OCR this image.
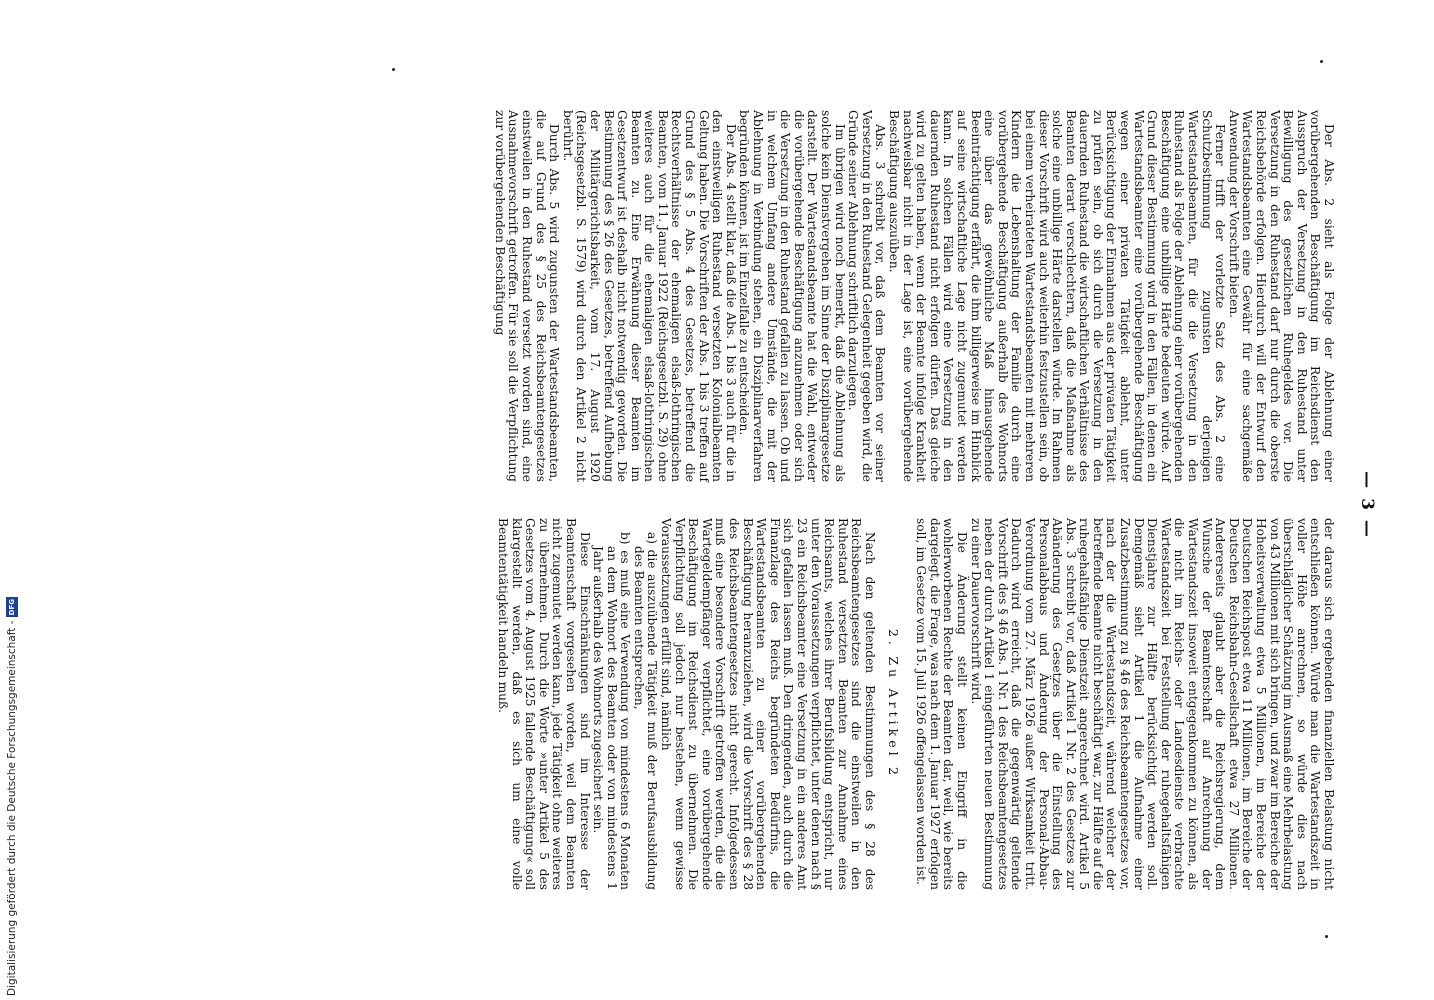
Digitalisierung gefördert durch die Deutsche Forschungsgemeinschaft - DFG
— 3 —

Der Abs. 2 sieht als Folge der Ablehnung einer vorübergehenden Beschäftigung im Reichsdienst den Ausspruch der Versetzung in den Ruhestand unter Bewilligung des gesetzlichen Ruhegeldes vor. Die Versetzung in den Ruhestand darf nur durch die oberste Reichsbehörde erfolgen. Hierdurch will der Entwurf den Wartestandsbeamten eine Gewähr für eine sachgemäße Anwendung der Vorschrift bieten.

Ferner trifft der vorletzte Satz des Abs. 2 eine Schutzbestimmung zugunsten derjenigen Wartestandsbeamten, für die die Versetzung in den Ruhestand als Folge der Ablehnung einer vorübergehenden Beschäftigung eine unbillige Härte bedeuten würde. Auf Grund dieser Bestimmung wird in den Fällen, in denen ein Wartestandsbeamter eine vorübergehende Beschäftigung wegen einer privaten Tätigkeit ablehnt, unter Berücksichtigung der Einnahmen aus der privaten Tätigkeit zu prüfen sein, ob sich durch die Versetzung in den dauernden Ruhestand die wirtschaftlichen Verhältnisse des Beamten derart verschlechtern, daß die Maßnahme als solche eine unbillige Härte darstellen würde. Im Rahmen dieser Vorschrift wird auch weiterhin festzustellen sein, ob bei einem verheirateten Wartestandsbeamten mit mehreren Kindern die Lebenshaltung der Familie durch eine vorübergehende Beschäftigung außerhalb des Wohnorts eine über das gewöhnliche Maß hinausgehende Beeinträchtigung erfährt, die ihm billigerweise im Hinblick auf seine wirtschaftliche Lage nicht zugemutet werden kann. In solchen Fällen wird eine Versetzung in den dauernden Ruhestand nicht erfolgen dürfen. Das gleiche wird zu gelten haben, wenn der Beamte infolge Krankheit nachweisbar nicht in der Lage ist, eine vorübergehende Beschäftigung auszuüben.

Abs. 3 schreibt vor, daß dem Beamten vor seiner Versetzung in den Ruhestand Gelegenheit gegeben wird, die Gründe seiner Ablehnung schriftlich darzulegen.

Im übrigen wird noch bemerkt, daß die Ablehnung als solche kein Dienstvergehen im Sinne der Disziplinargesetze darstellt. Der Wartestandsbeamte hat die Wahl, entweder die vorübergehende Beschäftigung anzunehmen oder sich die Versetzung in den Ruhestand gefallen zu lassen. Ob und in welchem Umfang andere Umstände, die mit der Ablehnung in Verbindung stehen, ein Disziplinarverfahren begründen können, ist im Einzelfalle zu entscheiden.

Der Abs. 4 stellt klar, daß die Abs. 1 bis 3 auch für die in den einstweiligen Ruhestand versetzten Kolonialbeamten Geltung haben. Die Vorschriften der Abs. 1 bis 3 treffen auf Grund des § 5 Abs. 4 des Gesetzes, betreffend die Rechtsverhältnisse der ehemaligen elsaß-lothringischen Beamten, vom 11. Januar 1922 (Reichsgesetzbl. S. 29) ohne weiteres auch für die ehemaligen elsaß-lothringischen Beamten zu. Eine Erwähnung dieser Beamten im Gesetzentwurf ist deshalb nicht notwendig geworden. Die Bestimmung des § 26 des Gesetzes, betreffend Aufhebung der Militärgerichtsbarkeit, vom 17. August 1920 (Reichsgesetzbl. S. 1579) wird durch den Artikel 2 nicht berührt.

Durch Abs. 5 wird zugunsten der Wartestandsbeamten, die auf Grund des § 25 des Reichsbeamtengesetzes einstweilen in den Ruhestand versetzt worden sind, eine Ausnahmevorschrift getroffen. Für sie soll die Verpflichtung zur vorübergehenden Beschäftigung

der daraus sich ergebenden finanziellen Belastung nicht entschließen können. Würde man die Wartestandszeit in voller Höhe anrechnen, so würde dies nach überschläglicher Schätzung im Ausmaß eine Mehrbelastung von 43 Millionen mit sich bringen, und zwar im Bereiche der Hoheitsverwaltung etwa 5 Millionen, im Bereiche der Deutschen Reichspost etwa 11 Millionen, im Bereiche der Deutschen Reichsbahn-Gesellschaft etwa 27 Millionen. Andererseits glaubt aber die Reichsregierung, dem Wunsche der Beamtenschaft auf Anrechnung der Wartestandszeit insoweit entgegenkommen zu können, als die nicht im Reichs- oder Landesdienste verbrachte Wartestandszeit bei Feststellung der ruhegehaltsfähigen Dienstjahre zur Hälfte berücksichtigt werden soll. Demgemäß sieht Artikel 1 die Aufnahme einer Zusatzbestimmung zu § 46 des Reichsbeamtengesetzes vor, nach der die Wartestandszeit, während welcher der betreffende Beamte nicht beschäftigt war, zur Hälfte auf die ruhegehaltsfähige Dienstzeit angerechnet wird. Artikel 5 Abs. 3 schreibt vor, daß Artikel 1 Nr. 2 des Gesetzes zur Abänderung des Gesetzes über die Einstellung des Personalabbaus und Änderung der Personal-Abbau-Verordnung vom 27. März 1926 außer Wirksamkeit tritt. Dadurch wird erreicht, daß die gegenwärtig geltende Vorschrift des § 46 Abs. 1 Nr. 1 des Reichsbeamtengesetzes neben der durch Artikel 1 eingeführten neuen Bestimmung zu einer Dauervorschrift wird.

Die Änderung stellt keinen Eingriff in die wohlerworbenen Rechte der Beamten dar, weil, wie bereits dargelegt, die Frage, was nach dem 1. Januar 1927 erfolgen soll, im Gesetze vom 15. Juli 1926 offengelassen worden ist.

2. Zu Artikel 2

Nach den geltenden Bestimmungen des § 28 des Reichsbeamtengesetzes sind die einstweilen in den Ruhestand versetzten Beamten zur Annahme eines Reichsamts, welches ihrer Berufsbildung entspricht, nur unter den Voraussetzungen verpflichtet, unter denen nach § 23 ein Reichsbeamter eine Versetzung in ein anderes Amt sich gefallen lassen muß. Den dringenden, auch durch die Finanzlage des Reichs begründeten Bedürfnis, die Wartestandsbeamten zu einer vorübergehenden Beschäftigung heranzuziehen, wird die Vorschrift des § 28 des Reichsbeamtengesetzes nicht gerecht. Infolgedessen muß eine besondere Vorschrift getroffen werden, die die Wartegeldempfänger verpflichtet, eine vorübergehende Beschäftigung im Reichsdienst zu übernehmen. Die Verpflichtung soll jedoch nur bestehen, wenn gewisse Voraussetzungen erfüllt sind, nämlich

a) die auszuübende Tätigkeit muß der Berufsausbildung des Beamten entsprechen,

b) es muß eine Verwendung von mindestens 6 Monaten an dem Wohnort des Beamten oder von mindestens 1 Jahr außerhalb des Wohnorts zugesichert sein.

Diese Einschränkungen sind im Interesse der Beamtenschaft vorgesehen worden, weil dem Beamten nicht zugemutet werden kann, jede Tätigkeit ohne weiteres zu übernehmen. Durch die Worte »unter Artikel 5 des Gesetzes vom 4. August 1925 fallende Beschäftigung« soll klargestellt werden, daß es sich um eine volle Beamtentätigkeit handeln muß.
